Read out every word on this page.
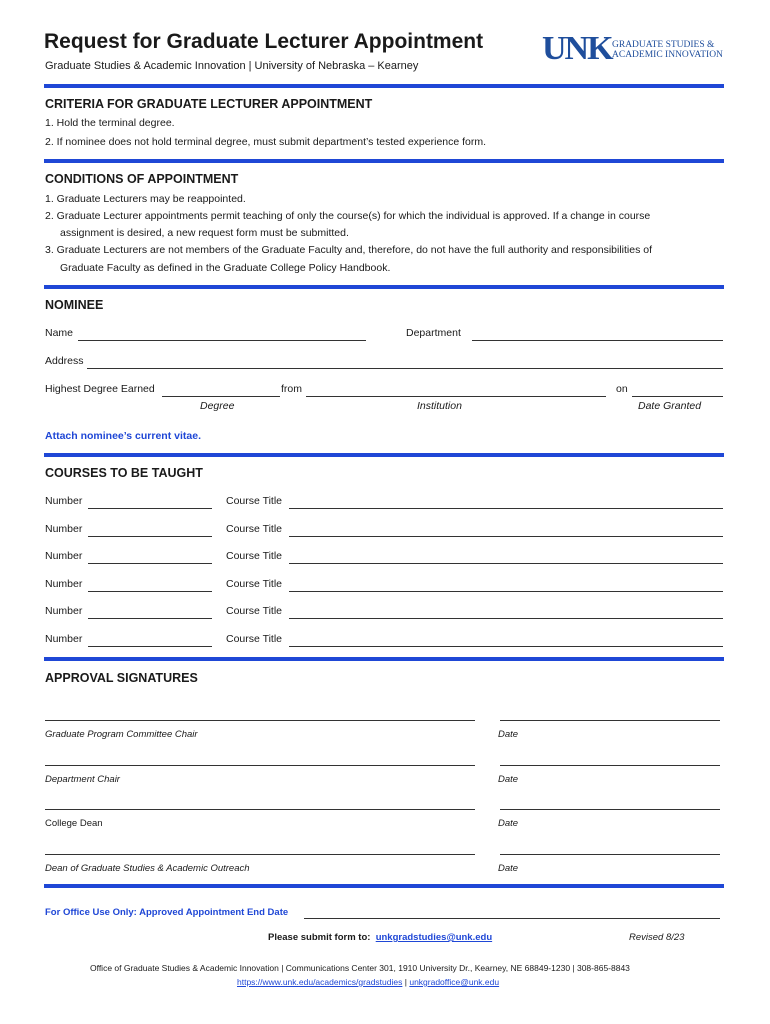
Request for Graduate Lecturer Appointment
Graduate Studies & Academic Innovation | University of Nebraska – Kearney	UNK GRADUATE STUDIES &
ACADEMIC INNOVATION
CRITERIA FOR GRADUATE LECTURER APPOINTMENT
1. Hold the terminal degree.
2. If nominee does not hold terminal degree, must submit department’s tested experience form.
CONDITIONS OF APPOINTMENT
1. Graduate Lecturers may be reappointed.
2. Graduate Lecturer appointments permit teaching of only the course(s) for which the individual is approved. If a change in course
assignment is desired, a new request form must be submitted.
3. Graduate Lecturers are not members of the Graduate Faculty and, therefore, do not have the full authority and responsibilities of
Graduate Faculty as defined in the Graduate College Policy Handbook.
NOMINEE
Name	Department
Address
Highest Degree Earned	from	on
Degree	Institution	Date Granted
Attach nominee’s current vitae.
COURSES TO BE TAUGHT
Number	Course Title
Number	Course Title
Number	Course Title
Number	Course Title
Number	Course Title
Number	Course Title
APPROVAL SIGNATURES
Graduate Program Committee Chair	Date
Department Chair	Date
College Dean	Date
Dean of Graduate Studies & Academic Outreach	Date
For Office Use Only: Approved Appointment End Date
Please submit form to: unkgradstudies@unk.edu	Revised 8/23
Office of Graduate Studies & Academic Innovation | Communications Center 301, 1910 University Dr., Kearney, NE 68849-1230 | 308-865-8843
https://www.unk.edu/academics/gradstudies | unkgradoffice@unk.edu
